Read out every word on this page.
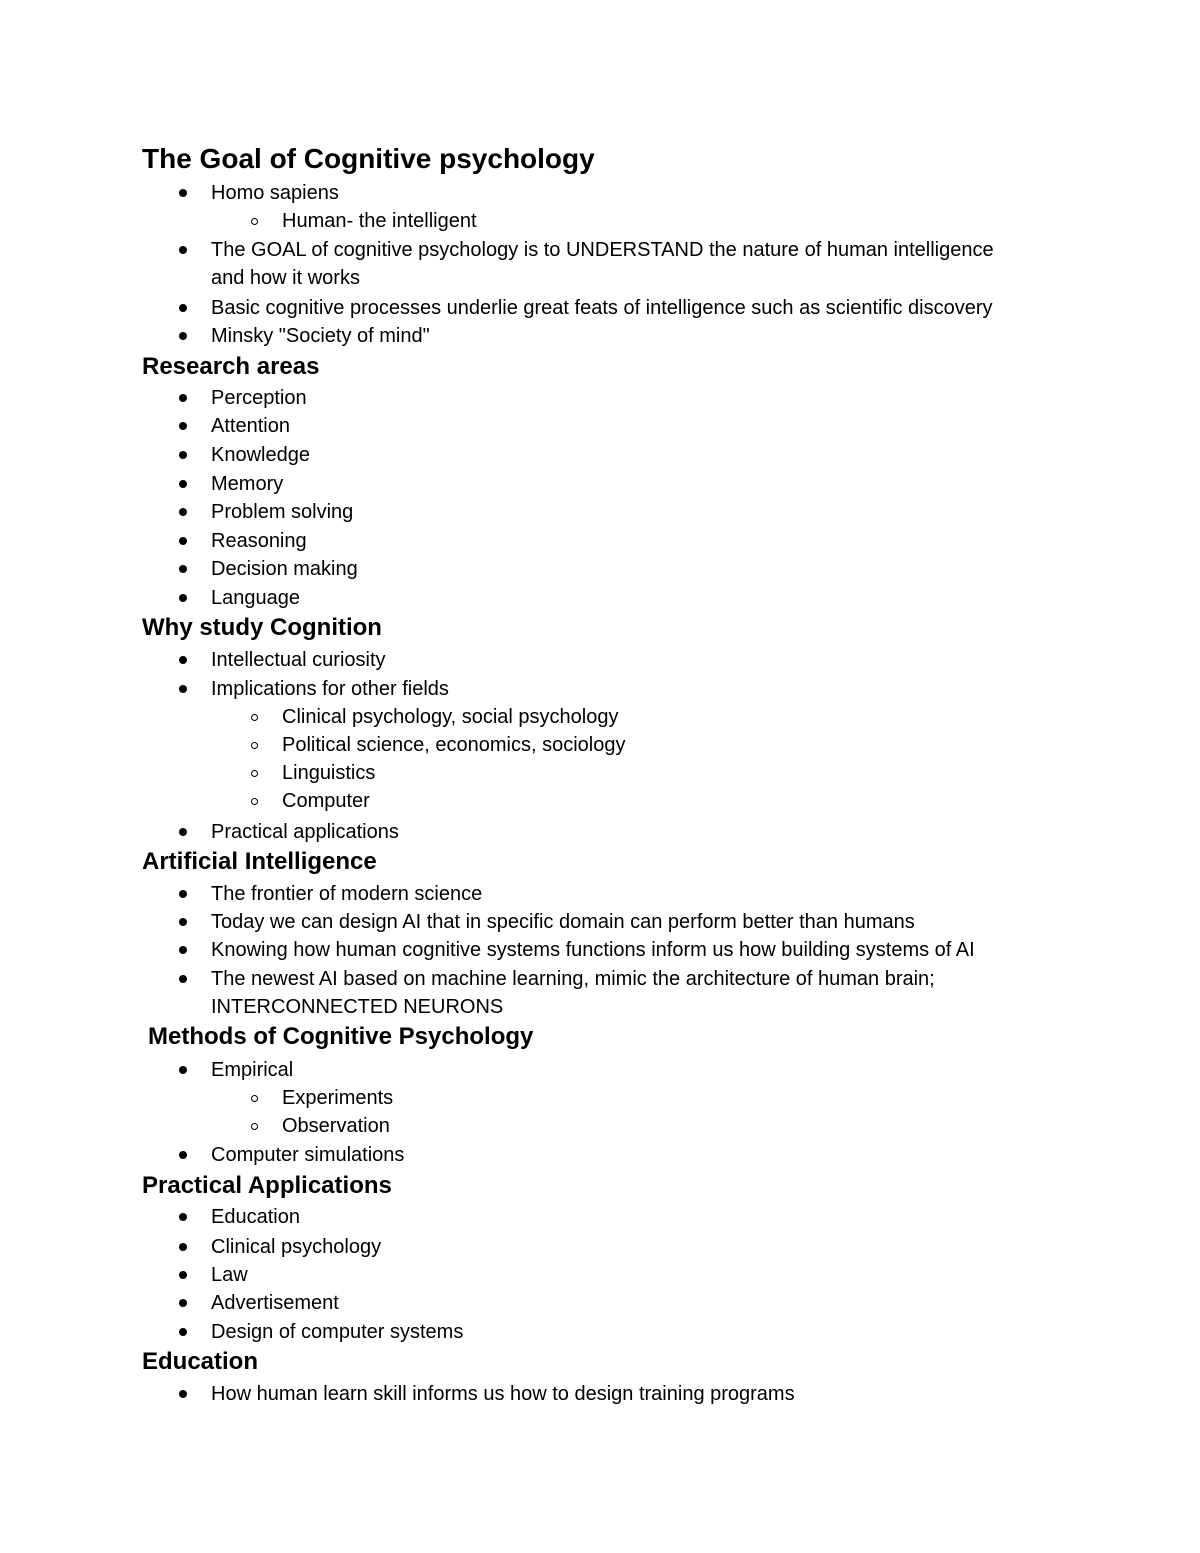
The Goal of Cognitive psychology
Homo sapiens
Human- the intelligent
The GOAL of cognitive psychology is to UNDERSTAND the nature of human intelligence
and how it works
Basic cognitive processes underlie great feats of intelligence such as scientific discovery
Minsky "Society of mind"
Research areas
Perception
Attention
Knowledge
Memory
Problem solving
Reasoning
Decision making
Language
Why study Cognition
Intellectual curiosity
Implications for other fields
Clinical psychology, social psychology
Political science, economics, sociology
Linguistics
Computer
Practical applications
Artificial Intelligence
The frontier of modern science
Today we can design AI that in specific domain can perform better than humans
Knowing how human cognitive systems functions inform us how building systems of AI
The newest AI based on machine learning, mimic the architecture of human brain;
INTERCONNECTED NEURONS
Methods of Cognitive Psychology
Empirical
Experiments
Observation
Computer simulations
Practical Applications
Education
Clinical psychology
Law
Advertisement
Design of computer systems
Education
How human learn skill informs us how to design training programs
